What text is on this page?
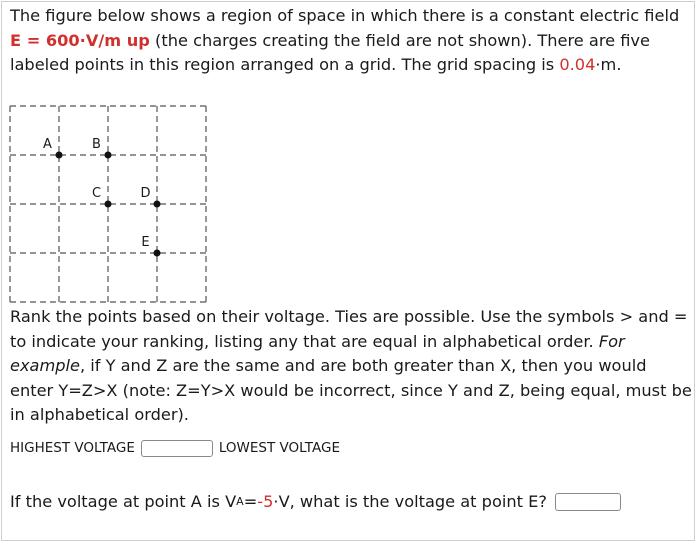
The figure below shows a region of space in which there is a constant electric field E = 600·V/m up (the charges creating the field are not shown). There are five labeled points in this region arranged on a grid. The grid spacing is 0.04·m.
A	B
C	D
E
Rank the points based on their voltage. Ties are possible. Use the symbols > and = to indicate your ranking, listing any that are equal in alphabetical order. For example, if Y and Z are the same and are both greater than X, then you would enter Y=Z>X (note: Z=Y>X would be incorrect, since Y and Z, being equal, must be in alphabetical order).
HIGHEST VOLTAGE	LOWEST VOLTAGE
If the voltage at point A is V A = -5 ·V, what is the voltage at point E?
